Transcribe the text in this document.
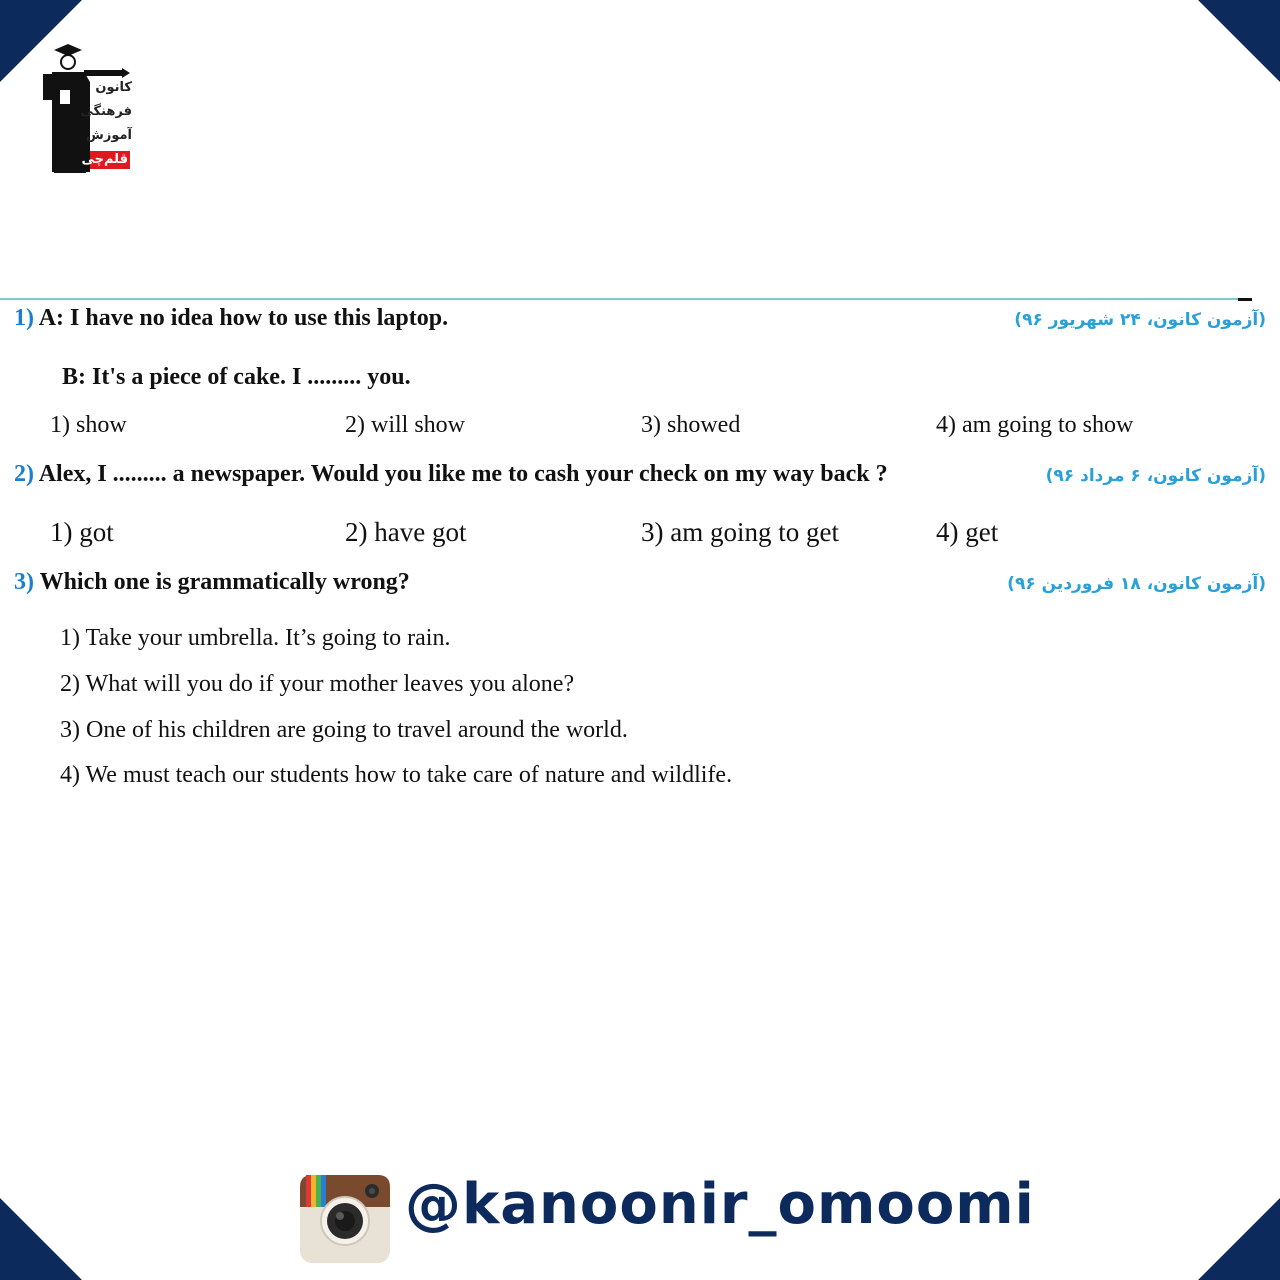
کانون
فرهنگی
آموزش
قلم‌چی
1) A: I have no idea how to use this laptop.	(آزمون کانون، ۲۴ شهریور ۹۶)
B: It's a piece of cake. I ......... you.
1) show	2) will show	3) showed	4) am going to show
2) Alex, I ......... a newspaper. Would you like me to cash your check on my way back ?	(آزمون کانون، ۶ مرداد ۹۶)
1) got	2) have got	3) am going to get	4) get
3) Which one is grammatically wrong?	(آزمون کانون، ۱۸ فروردین ۹۶)
1) Take your umbrella. It’s going to rain.
2) What will you do if your mother leaves you alone?
3) One of his children are going to travel around the world.
4) We must teach our students how to take care of nature and wildlife.
@kanoonir_omoomi
